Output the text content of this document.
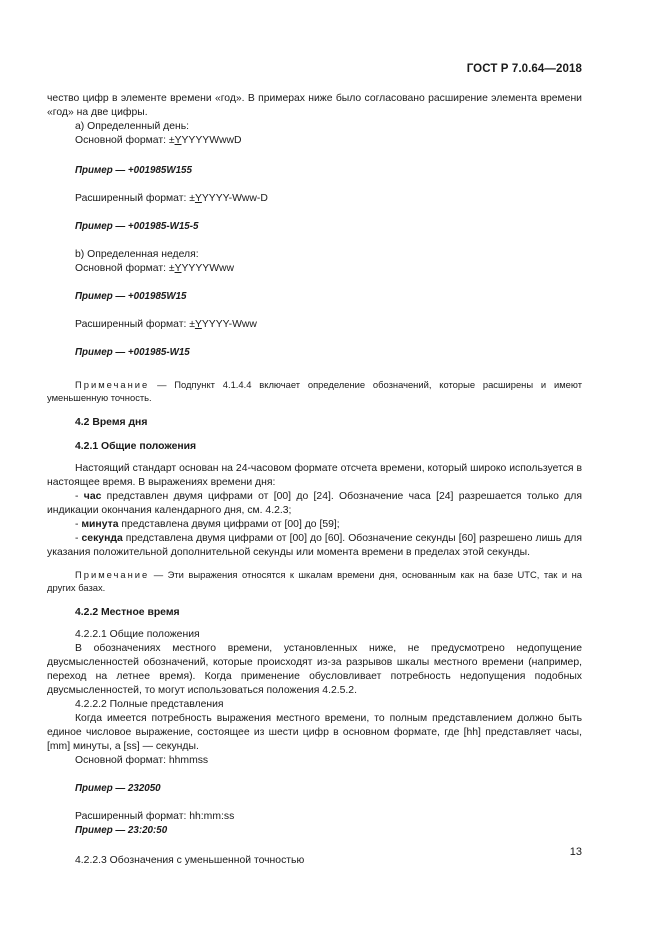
ГОСТ Р 7.0.64—2018

чество цифр в элементе времени «год». В примерах ниже было согласовано расширение элемента времени «год» на две цифры.

а) Определенный день:

Основной формат: ±YYYYYWwwD

Пример — +001985W155

Расширенный формат: ±YYYYY-Www-D

Пример — +001985-W15-5

b) Определенная неделя:

Основной формат: ±YYYYYWww

Пример — +001985W15

Расширенный формат: ±YYYYY-Www

Пример — +001985-W15

Примечание — Подпункт 4.1.4.4 включает определение обозначений, которые расширены и имеют уменьшенную точность.

4.2 Время дня

4.2.1 Общие положения

Настоящий стандарт основан на 24-часовом формате отсчета времени, который широко используется в настоящее время. В выражениях времени дня:

- час представлен двумя цифрами от [00] до [24]. Обозначение часа [24] разрешается только для индикации окончания календарного дня, см. 4.2.3;

- минута представлена двумя цифрами от [00] до [59];

- секунда представлена двумя цифрами от [00] до [60]. Обозначение секунды [60] разрешено лишь для указания положительной дополнительной секунды или момента времени в пределах этой секунды.

Примечание — Эти выражения относятся к шкалам времени дня, основанным как на базе UTC, так и на других базах.

4.2.2 Местное время

4.2.2.1 Общие положения

В обозначениях местного времени, установленных ниже, не предусмотрено недопущение двусмысленностей обозначений, которые происходят из-за разрывов шкалы местного времени (например, переход на летнее время). Когда применение обусловливает потребность недопущения подобных двусмысленностей, то могут использоваться положения 4.2.5.2.

4.2.2.2 Полные представления

Когда имеется потребность выражения местного времени, то полным представлением должно быть единое числовое выражение, состоящее из шести цифр в основном формате, где [hh] представляет часы, [mm] минуты, а [ss] — секунды.

Основной формат: hhmmss

Пример — 232050

Расширенный формат: hh:mm:ss

Пример — 23:20:50

4.2.2.3 Обозначения с уменьшенной точностью

13
